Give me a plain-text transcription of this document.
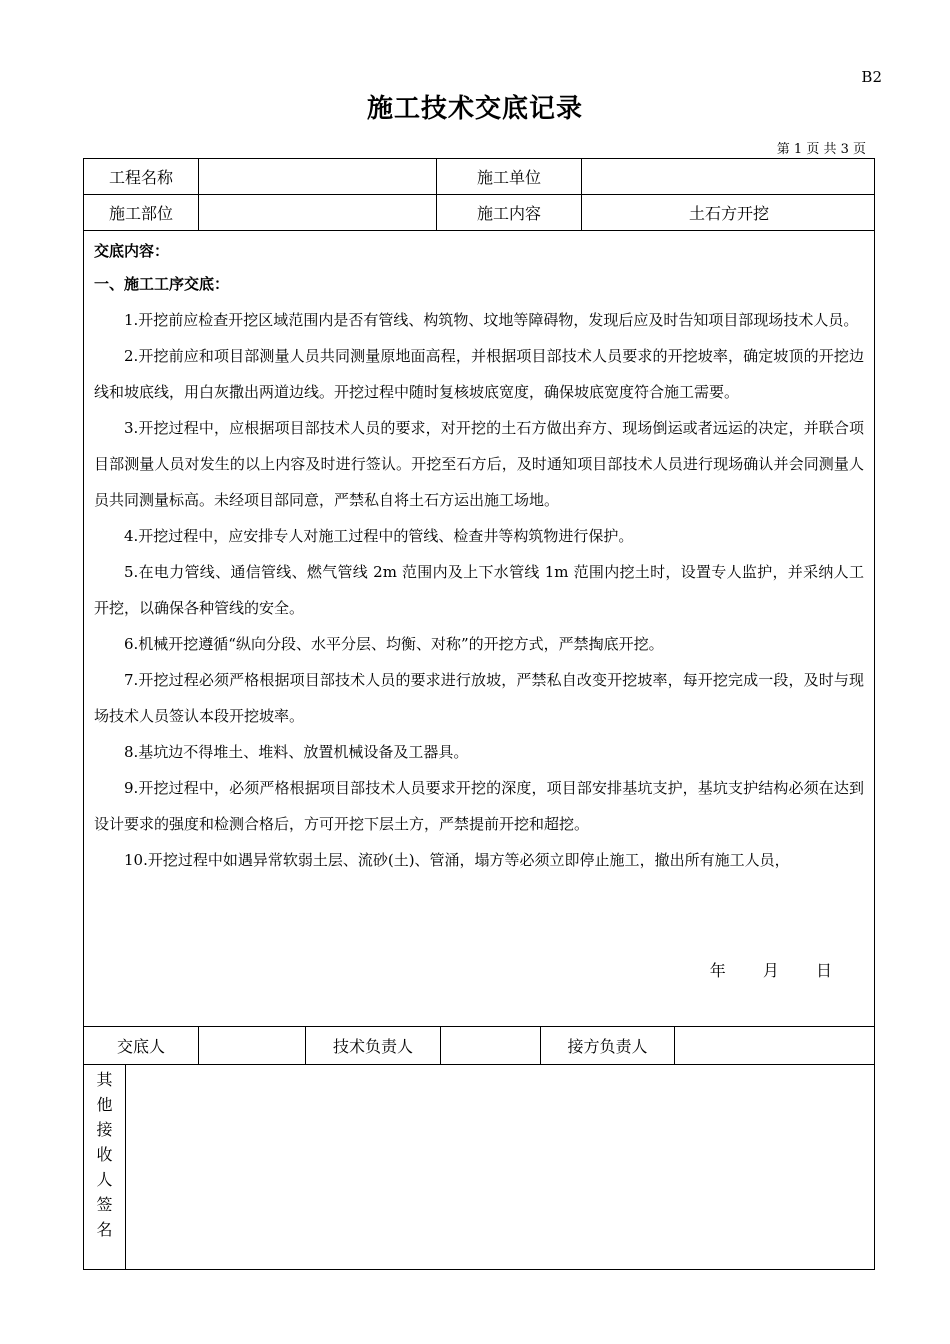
B2
施工技术交底记录
第 1 页 共 3 页
工程名称	施工单位
施工部位	施工内容	土石方开挖
交底内容：
一、施工工序交底：

1.开挖前应检查开挖区域范围内是否有管线、构筑物、坟地等障碍物，发现后应及时告知项目部现场技术人员。

2.开挖前应和项目部测量人员共同测量原地面高程，并根据项目部技术人员要求的开挖坡率，确定坡顶的开挖边线和坡底线，用白灰撒出两道边线。开挖过程中随时复核坡底宽度，确保坡底宽度符合施工需要。

3.开挖过程中，应根据项目部技术人员的要求，对开挖的土石方做出弃方、现场倒运或者远运的决定，并联合项目部测量人员对发生的以上内容及时进行签认。开挖至石方后，及时通知项目部技术人员进行现场确认并会同测量人员共同测量标高。未经项目部同意，严禁私自将土石方运出施工场地。

4.开挖过程中，应安排专人对施工过程中的管线、检查井等构筑物进行保护。

5.在电力管线、通信管线、燃气管线 2m 范围内及上下水管线 1m 范围内挖土时，设置专人监护，并采纳人工开挖，以确保各种管线的安全。

6.机械开挖遵循“纵向分段、水平分层、均衡、对称”的开挖方式，严禁掏底开挖。

7.开挖过程必须严格根据项目部技术人员的要求进行放坡，严禁私自改变开挖坡率，每开挖完成一段，及时与现场技术人员签认本段开挖坡率。

8.基坑边不得堆土、堆料、放置机械设备及工器具。

9.开挖过程中，必须严格根据项目部技术人员要求开挖的深度，项目部安排基坑支护，基坑支护结构必须在达到设计要求的强度和检测合格后，方可开挖下层土方，严禁提前开挖和超挖。

10.开挖过程中如遇异常软弱土层、流砂(土)、管涌，塌方等必须立即停止施工，撤出所有施工人员，

年 月 日
交底人	技术负责人	接方负责人
其
他
接
收
人
签
名
